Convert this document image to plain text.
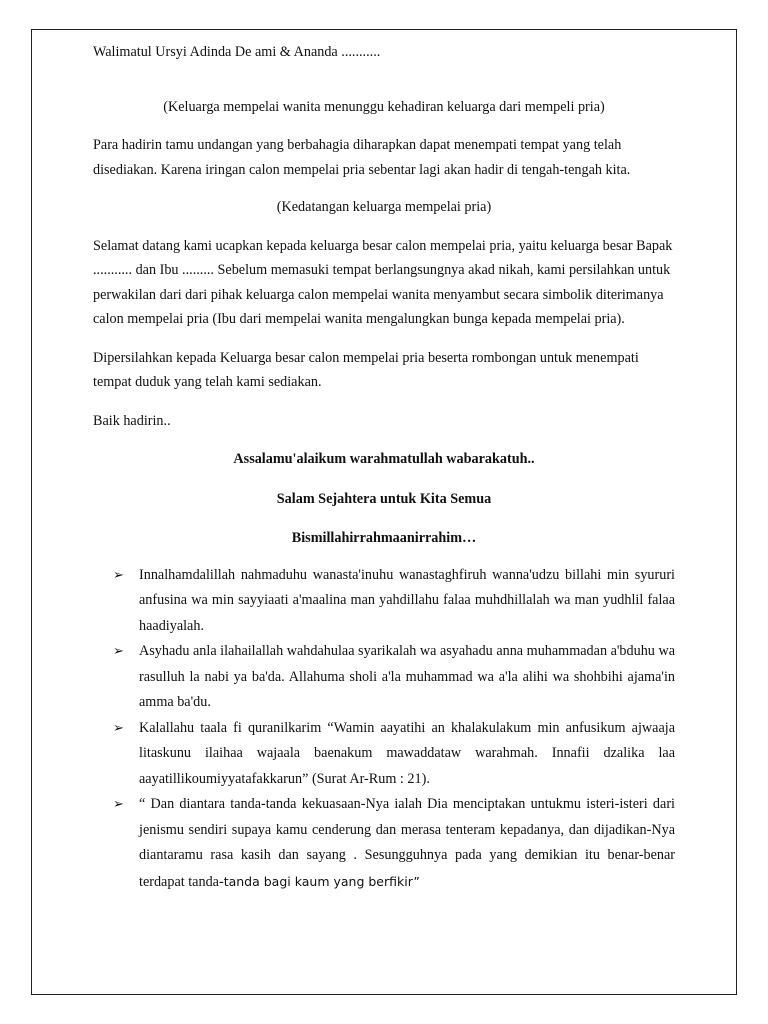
Walimatul Ursyi Adinda De ami & Ananda ...........

(Keluarga mempelai wanita menunggu kehadiran keluarga dari mempeli pria)

Para hadirin tamu undangan yang berbahagia diharapkan dapat menempati tempat yang telah disediakan. Karena iringan calon mempelai pria sebentar lagi akan hadir di tengah-tengah kita.

(Kedatangan keluarga mempelai pria)

Selamat datang kami ucapkan kepada keluarga besar calon mempelai pria, yaitu keluarga besar Bapak ........... dan Ibu ......... Sebelum memasuki tempat berlangsungnya akad nikah, kami persilahkan untuk perwakilan dari dari pihak keluarga calon mempelai wanita menyambut secara simbolik diterimanya calon mempelai pria (Ibu dari mempelai wanita mengalungkan bunga kepada mempelai pria).

Dipersilahkan kepada Keluarga besar calon mempelai pria beserta rombongan untuk menempati tempat duduk yang telah kami sediakan.

Baik hadirin..

Assalamu'alaikum warahmatullah wabarakatuh..

Salam Sejahtera untuk Kita Semua

Bismillahirrahmaanirrahim…

➢ Innalhamdalillah nahmaduhu wanasta'inuhu wanastaghfiruh wanna'udzu billahi min syururi anfusina wa min sayyiaati a'maalina man yahdillahu falaa muhdhillalah wa man yudhlil falaa haadiyalah.
➢ Asyhadu anla ilahailallah wahdahulaa syarikalah wa asyahadu anna muhammadan a'bduhu wa rasulluh la nabi ya ba'da. Allahuma sholi a'la muhammad wa a'la alihi wa shohbihi ajama'in amma ba'du.
➢ Kalallahu taala fi quranilkarim “Wamin aayatihi an khalakulakum min anfusikum ajwaaja litaskunu ilaihaa wajaala baenakum mawaddataw warahmah. Innafii dzalika laa aayatillikoumiyyatafakkarun” (Surat Ar-Rum : 21).
➢ “ Dan diantara tanda-tanda kekuasaan-Nya ialah Dia menciptakan untukmu isteri-isteri dari jenismu sendiri supaya kamu cenderung dan merasa tenteram kepadanya, dan dijadikan-Nya diantaramu rasa kasih dan sayang . Sesungguhnya pada yang demikian itu benar-benar terdapat tanda-tanda bagi kaum yang berfikir”
